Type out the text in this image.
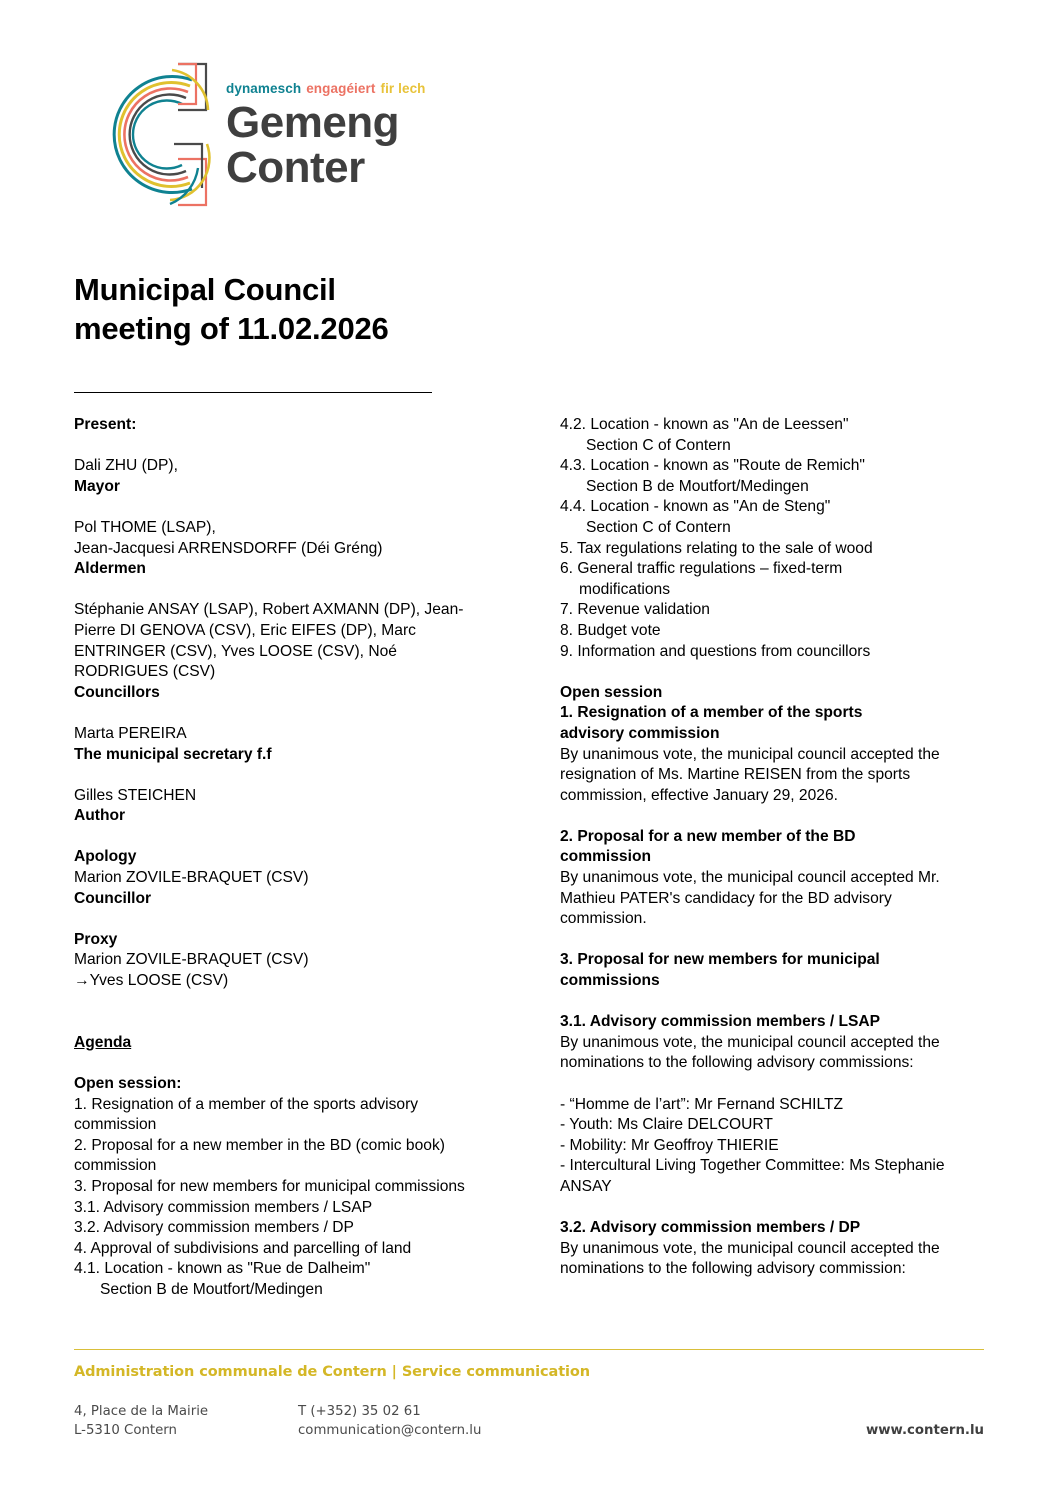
dynamesch engagéiert fir lech
Gemeng
Conter
Municipal Council
meeting of 11.02.2026

Present:

Dali ZHU (DP),

Mayor

Pol THOME (LSAP),

Jean-Jacquesi ARRENSDORFF (Déi Gréng)

Aldermen

Stéphanie ANSAY (LSAP), Robert AXMANN (DP), Jean-Pierre DI GENOVA (CSV), Eric EIFES (DP), Marc ENTRINGER (CSV), Yves LOOSE (CSV), Noé RODRIGUES (CSV)

Councillors

Marta PEREIRA

The municipal secretary f.f

Gilles STEICHEN

Author

Apology

Marion ZOVILE-BRAQUET (CSV)

Councillor

Proxy

Marion ZOVILE-BRAQUET (CSV)

→Yves LOOSE (CSV)

Agenda

Open session:

1. Resignation of a member of the sports advisory commission

2. Proposal for a new member in the BD (comic book) commission

3. Proposal for new members for municipal commissions

3.1. Advisory commission members / LSAP

3.2. Advisory commission members / DP

4. Approval of subdivisions and parcelling of land

4.1. Location - known as "Rue de Dalheim"

Section B de Moutfort/Medingen

4.2. Location - known as "An de Leessen"

Section C of Contern

4.3. Location - known as "Route de Remich"

Section B de Moutfort/Medingen

4.4. Location - known as "An de Steng"

Section C of Contern

5. Tax regulations relating to the sale of wood

6. General traffic regulations – fixed-term

modifications

7. Revenue validation

8. Budget vote

9. Information and questions from councillors

Open session

1. Resignation of a member of the sports

advisory commission

By unanimous vote, the municipal council accepted the resignation of Ms. Martine REISEN from the sports commission, effective January 29, 2026.

2. Proposal for a new member of the BD

commission

By unanimous vote, the municipal council accepted Mr. Mathieu PATER's candidacy for the BD advisory commission.

3. Proposal for new members for municipal

commissions

3.1. Advisory commission members / LSAP

By unanimous vote, the municipal council accepted the nominations to the following advisory commissions:

- “Homme de l’art”: Mr Fernand SCHILTZ

- Youth: Ms Claire DELCOURT

- Mobility: Mr Geoffroy THIERIE

- Intercultural Living Together Committee: Ms Stephanie ANSAY

3.2. Advisory commission members / DP

By unanimous vote, the municipal council accepted the nominations to the following advisory commission:

Administration communale de Contern | Service communication
4, Place de la Mairie
L-5310 Contern
T (+352) 35 02 61
communication@contern.lu	www.contern.lu
